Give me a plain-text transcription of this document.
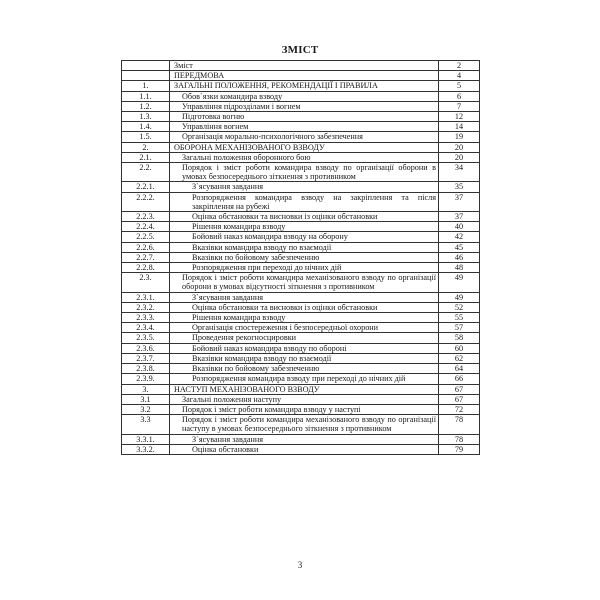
ЗМІСТ
	Зміст	2
	ПЕРЕДМОВА	4
1.	ЗАГАЛЬНІ ПОЛОЖЕННЯ, РЕКОМЕНДАЦІЇ І ПРАВИЛА	5
1.1.	Обов`язки командира взводу	6
1.2.	Управління підрозділами і вогнем	7
1.3.	Підготовка вогню	12
1.4.	Управління вогнем	14
1.5.	Організація морально-психологічного забезпечення	19
2.	ОБОРОНА МЕХАНІЗОВАНОГО ВЗВОДУ	20
2.1.	Загальні положення оборонного бою	20
2.2.	Порядок і зміст роботи командира взводу по організації оборони в умовах безпосереднього зіткнення з противником	34
2.2.1.	З`ясування завдання	35
2.2.2.	Розпорядження командира взводу на закріплення та після закріплення на рубежі	37
2.2.3.	Оцінка обстановки та висновки із оцінки обстановки	37
2.2.4.	Рішення командира взводу	40
2.2.5.	Бойовий наказ командира взводу на оборону	42
2.2.6.	Вказівки командира взводу по взаємодії	45
2.2.7.	Вказівки по бойовому забезпеченню	46
2.2.8.	Розпорядження при переході до нічних дій	48
2.3.	Порядок і зміст роботи командира механізованого взводу по організації оборони в умовах відсутності зіткнення з противником	49
2.3.1.	З`ясування завдання	49
2.3.2.	Оцінка обстановки та висновки із оцінки обстановки	52
2.3.3.	Рішення командира взводу	55
2.3.4.	Організація спостереження і безпосередньої охорони	57
2.3.5.	Проведення рекогносцировки	58
2.3.6.	Бойовий наказ командира взводу по обороні	60
2.3.7.	Вказівки командира взводу по взаємодії	62
2.3.8.	Вказівки по бойовому забезпеченню	64
2.3.9.	Розпорядження командира взводу при переході до нічних дій	66
3.	НАСТУП МЕХАНІЗОВАНОГО ВЗВОДУ	67
3.1	Загальні положення наступу	67
3.2	Порядок і зміст роботи командира взводу у наступі	72
3.3	Порядок і зміст роботи командира механізованого взводу по організації наступу в умовах безпосереднього зіткнення з противником	78
3.3.1.	З`ясування завдання	78
3.3.2.	Оцінка обстановки	79
3
